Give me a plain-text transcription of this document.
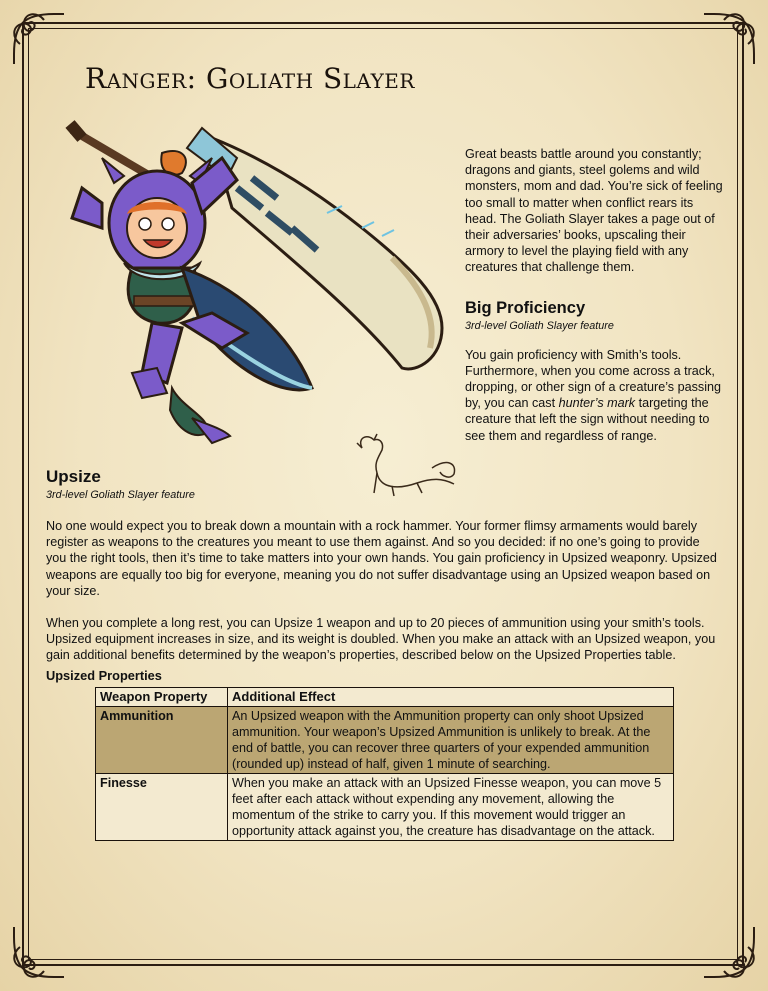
Ranger: Goliath Slayer

Great beasts battle around you constantly; dragons and giants, steel golems and wild monsters, mom and dad. You’re sick of feeling too small to matter when conflict rears its head. The Goliath Slayer takes a page out of their adversaries’ books, upscaling their armory to level the playing field with any creatures that challenge them.

Big Proficiency

3rd-level Goliath Slayer feature

You gain proficiency with Smith’s tools. Furthermore, when you come across a track, dropping, or other sign of a creature’s passing by, you can cast hunter’s mark targeting the creature that left the sign without needing to see them and regardless of range.

Upsize

3rd-level Goliath Slayer feature

No one would expect you to break down a mountain with a rock hammer. Your former flimsy armaments would barely register as weapons to the creatures you meant to use them against. And so you decided: if no one’s going to provide you the right tools, then it’s time to take matters into your own hands. You gain proficiency in Upsized weaponry. Upsized weapons are equally too big for everyone, meaning you do not suffer disadvantage using an Upsized weapon based on your size.

When you complete a long rest, you can Upsize 1 weapon and up to 20 pieces of ammunition using your smith’s tools. Upsized equipment increases in size, and its weight is doubled. When you make an attack with an Upsized weapon, you gain additional benefits determined by the weapon’s properties, described below on the Upsized Properties table.

Upsized Properties
Weapon Property	Additional Effect
Ammunition	An Upsized weapon with the Ammunition property can only shoot Upsized ammunition. Your weapon’s Upsized Ammunition is unlikely to break. At the end of battle, you can recover three quarters of your expended ammunition (rounded up) instead of half, given 1 minute of searching.
Finesse	When you make an attack with an Upsized Finesse weapon, you can move 5 feet after each attack without expending any movement, allowing the momentum of the strike to carry you. If this movement would trigger an opportunity attack against you, the creature has disadvantage on the attack.
